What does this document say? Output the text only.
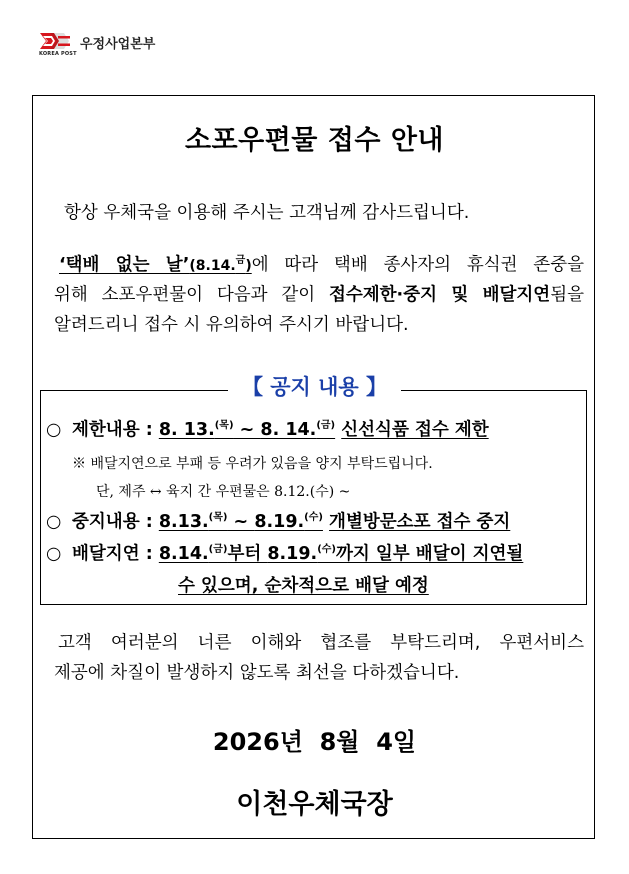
KOREA POST
우정사업본부
소포우편물 접수 안내
항상 우체국을 이용해 주시는 고객님께 감사드립니다.
‘택배 없는 날’(8.14.$^금$)에 따라 택배 종사자의 휴식권 존중을
위해 소포우편물이 다음과 같이 접수제한·중지 및 배달지연됨을
알려드리니 접수 시 유의하여 주시기 바랍니다.
【 공지 내용 】
○ 제한내용 : 8. 13.$^{(목)}$ ~ 8. 14.$^{(금)}$ 신선식품 접수 제한
※ 배달지연으로 부패 등 우려가 있음을 양지 부탁드립니다.
단, 제주 ↔ 육지 간 우편물은 8.12.(수) ~
○ 중지내용 : 8.13.$^{(목)}$ ~ 8.19.$^{(수)}$ 개별방문소포 접수 중지
○ 배달지연 : 8.14.$^{(금)}$부터 8.19.$^{(수)}$까지 일부 배달이 지연될
수 있으며, 순차적으로 배달 예정
고객 여러분의 너른 이해와 협조를 부탁드리며, 우편서비스
제공에 차질이 발생하지 않도록 최선을 다하겠습니다.
2026년  8월  4일
이천우체국장
